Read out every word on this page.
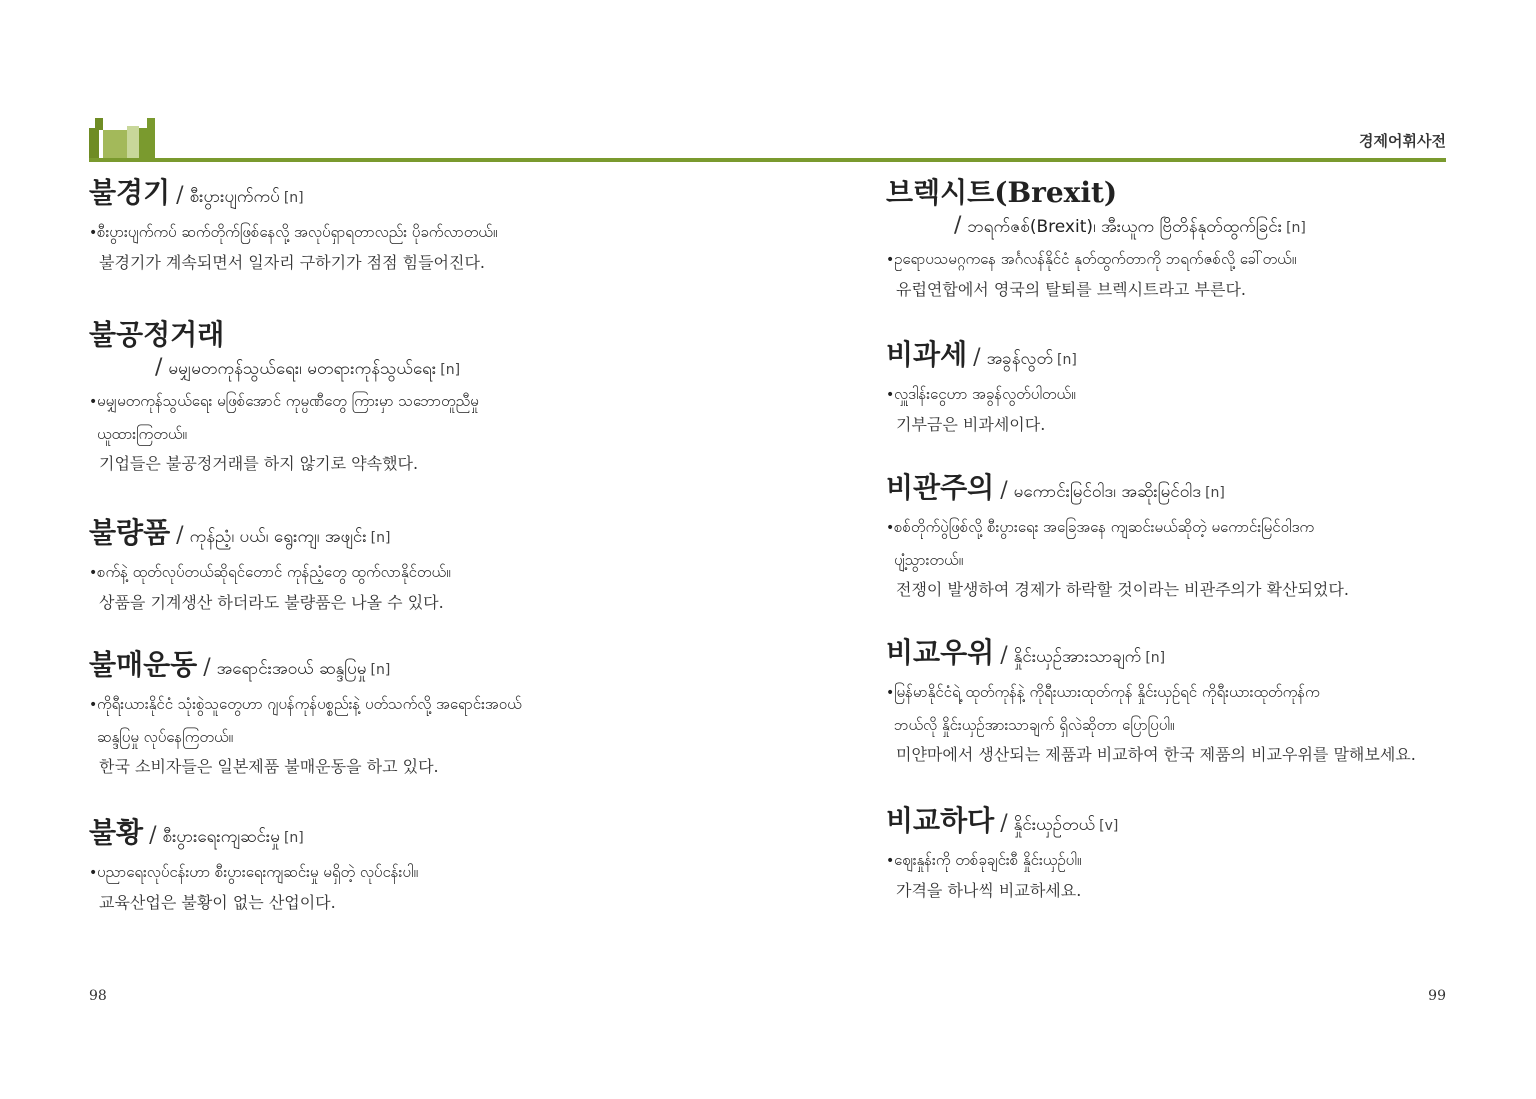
경제어휘사전
불경기 / စီးပွားပျက်ကပ် [n]
•စီးပွားပျက်ကပ် ဆက်တိုက်ဖြစ်နေလို့ အလုပ်ရှာရတာလည်း ပိုခက်လာတယ်။
불경기가 계속되면서 일자리 구하기가 점점 힘들어진다.
불공정거래
/ မမျှမတကုန်သွယ်ရေး၊ မတရားကုန်သွယ်ရေး [n]
•မမျှမတကုန်သွယ်ရေး မဖြစ်အောင် ကုမ္ပဏီတွေ ကြားမှာ သဘောတူညီမှု
ယူထားကြတယ်။
기업들은 불공정거래를 하지 않기로 약속했다.
불량품 / ကုန်ညံ့၊ ပယ်၊ ရွေးကျ၊ အဖျင်း [n]
•စက်နဲ့ ထုတ်လုပ်တယ်ဆိုရင်တောင် ကုန်ညံ့တွေ ထွက်လာနိုင်တယ်။
상품을 기계생산 하더라도 불량품은 나올 수 있다.
불매운동 / အရောင်းအဝယ် ဆန္ဒပြမှု [n]
•ကိုရီးယားနိုင်ငံ သုံးစွဲသူတွေဟာ ဂျပန်ကုန်ပစ္စည်းနဲ့ ပတ်သက်လို့ အရောင်းအဝယ်
ဆန္ဒပြမှု လုပ်နေကြတယ်။
한국 소비자들은 일본제품 불매운동을 하고 있다.
불황 / စီးပွားရေးကျဆင်းမှု [n]
•ပညာရေးလုပ်ငန်းဟာ စီးပွားရေးကျဆင်းမှု မရှိတဲ့ လုပ်ငန်းပါ။
교육산업은 불황이 없는 산업이다.
브렉시트(Brexit)
/ ဘရက်ဇစ်(Brexit)၊ အီးယူက ဗြိတိန်နုတ်ထွက်ခြင်း [n]
•ဥရောပသမဂ္ဂကနေ အင်္ဂလန်နိုင်ငံ နုတ်ထွက်တာကို ဘရက်ဇစ်လို့ ခေါ်တယ်။
유럽연합에서 영국의 탈퇴를 브렉시트라고 부른다.
비과세 / အခွန်လွတ် [n]
•လှူဒါန်းငွေဟာ အခွန်လွတ်ပါတယ်။
기부금은 비과세이다.
비관주의 / မကောင်းမြင်ဝါဒ၊ အဆိုးမြင်ဝါဒ [n]
•စစ်တိုက်ပွဲဖြစ်လို့ စီးပွားရေး အခြေအနေ ကျဆင်းမယ်ဆိုတဲ့ မကောင်းမြင်ဝါဒက
ပျံ့သွားတယ်။
전쟁이 발생하여 경제가 하락할 것이라는 비관주의가 확산되었다.
비교우위 / နှိုင်းယှဉ်အားသာချက် [n]
•မြန်မာနိုင်ငံရဲ့ ထုတ်ကုန်နဲ့ ကိုရီးယားထုတ်ကုန် နှိုင်းယှဉ်ရင် ကိုရီးယားထုတ်ကုန်က
ဘယ်လို နှိုင်းယှဉ်အားသာချက် ရှိလဲဆိုတာ ပြောပြပါ။
미얀마에서 생산되는 제품과 비교하여 한국 제품의 비교우위를 말해보세요.
비교하다 / နှိုင်းယှဉ်တယ် [v]
•ဈေးနှုန်းကို တစ်ခုချင်းစီ နှိုင်းယှဉ်ပါ။
가격을 하나씩 비교하세요.
98	99
